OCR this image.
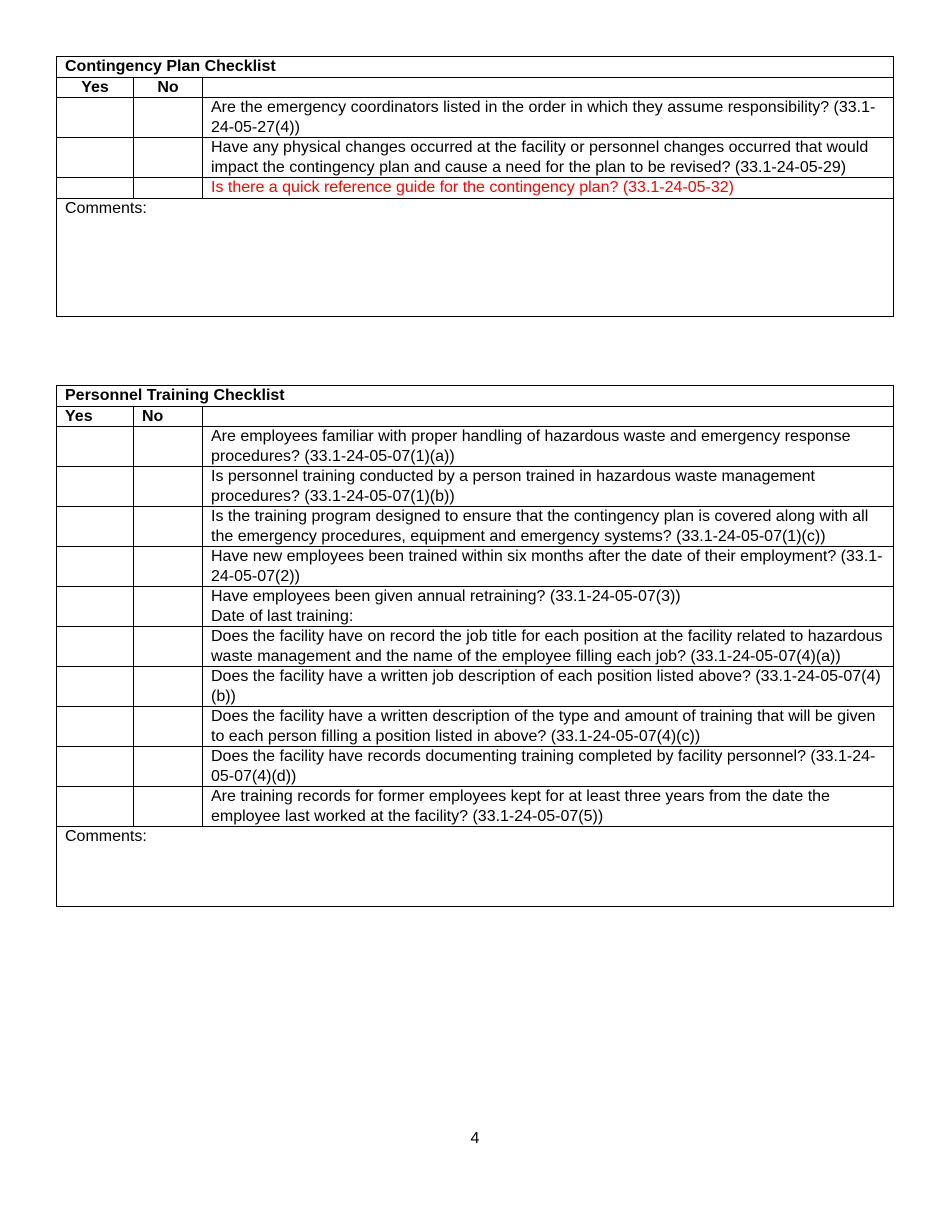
Contingency Plan Checklist		
Yes	No	
		Are the emergency coordinators listed in the order in which they assume responsibility? (33.1-24-05-27(4))
		Have any physical changes occurred at the facility or personnel changes occurred that would impact the contingency plan and cause a need for the plan to be revised? (33.1-24-05-29)
		Is there a quick reference guide for the contingency plan? (33.1-24-05-32)
Comments:		
Personnel Training Checklist		
Yes	No	
		Are employees familiar with proper handling of hazardous waste and emergency response procedures? (33.1-24-05-07(1)(a))
		Is personnel training conducted by a person trained in hazardous waste management procedures? (33.1-24-05-07(1)(b))
		Is the training program designed to ensure that the contingency plan is covered along with all the emergency procedures, equipment and emergency systems? (33.1-24-05-07(1)(c))
		Have new employees been trained within six months after the date of their employment? (33.1-24-05-07(2))

		Have employees been given annual retraining? (33.1-24-05-07(3))
Date of last training:

		Does the facility have on record the job title for each position at the facility related to hazardous waste management and the name of the employee filling each job? (33.1-24-05-07(4)(a))
		Does the facility have a written job description of each position listed above? (33.1-24-05-07(4)(b))
		Does the facility have a written description of the type and amount of training that will be given to each person filling a position listed in above? (33.1-24-05-07(4)(c))
		Does the facility have records documenting training completed by facility personnel? (33.1-24-05-07(4)(d))
		Are training records for former employees kept for at least three years from the date the employee last worked at the facility? (33.1-24-05-07(5))
Comments:		
4
